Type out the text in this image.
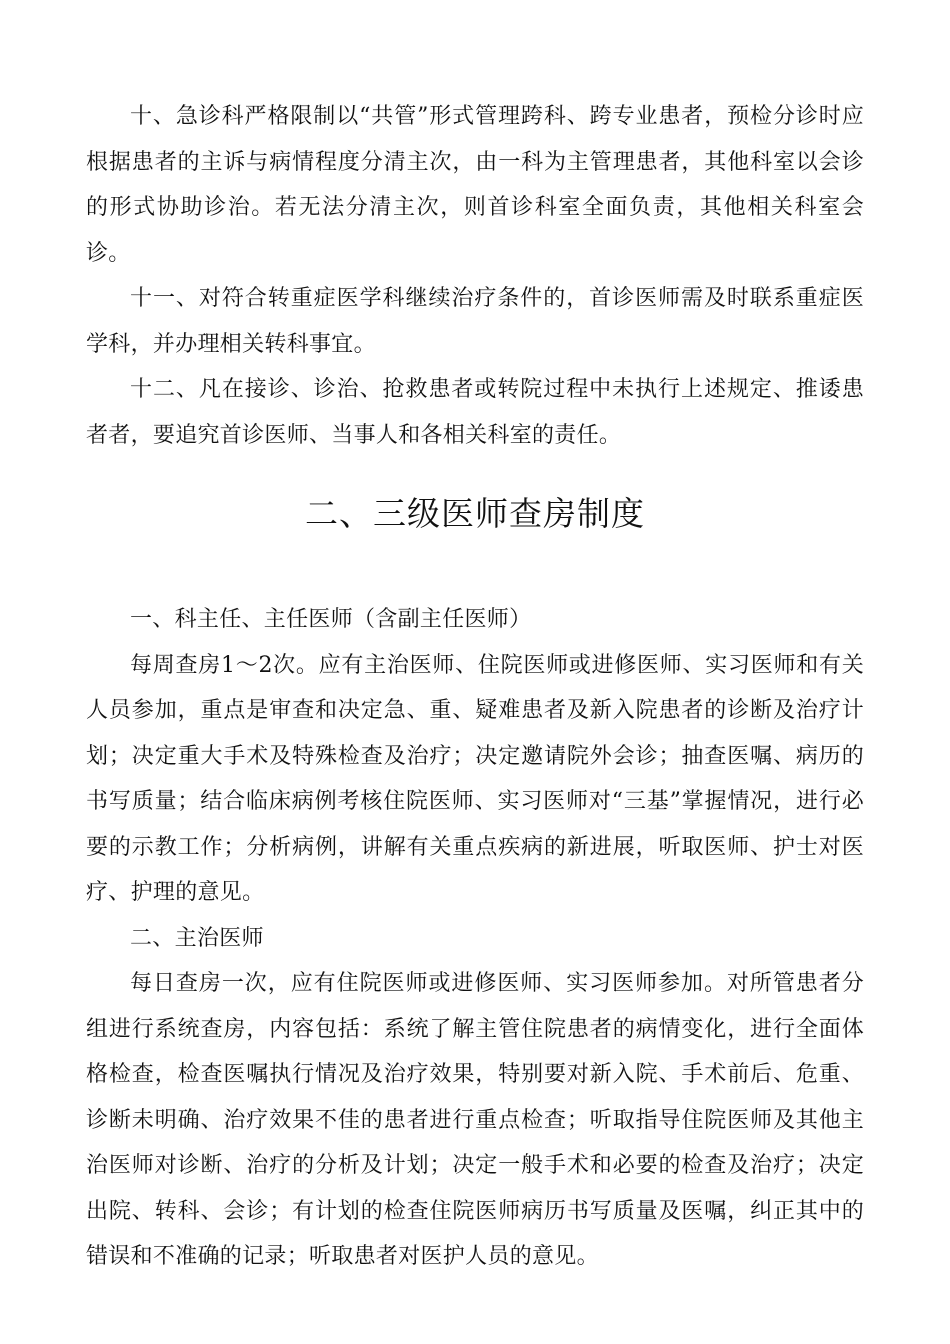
十、急诊科严格限制以“共管”形式管理跨科、跨专业患者，预检分诊时应根据患者的主诉与病情程度分清主次，由一科为主管理患者，其他科室以会诊的形式协助诊治。若无法分清主次，则首诊科室全面负责，其他相关科室会诊。

十一、对符合转重症医学科继续治疗条件的，首诊医师需及时联系重症医学科，并办理相关转科事宜。

十二、凡在接诊、诊治、抢救患者或转院过程中未执行上述规定、推诿患者者，要追究首诊医师、当事人和各相关科室的责任。

二、三级医师查房制度

一、科主任、主任医师（含副主任医师）

每周查房1～2次。应有主治医师、住院医师或进修医师、实习医师和有关人员参加，重点是审查和决定急、重、疑难患者及新入院患者的诊断及治疗计划；决定重大手术及特殊检查及治疗；决定邀请院外会诊；抽查医嘱、病历的书写质量；结合临床病例考核住院医师、实习医师对“三基”掌握情况，进行必要的示教工作；分析病例，讲解有关重点疾病的新进展，听取医师、护士对医疗、护理的意见。

二、主治医师

每日查房一次，应有住院医师或进修医师、实习医师参加。对所管患者分组进行系统查房，内容包括：系统了解主管住院患者的病情变化，进行全面体格检查，检查医嘱执行情况及治疗效果，特别要对新入院、手术前后、危重、诊断未明确、治疗效果不佳的患者进行重点检查；听取指导住院医师及其他主治医师对诊断、治疗的分析及计划；决定一般手术和必要的检查及治疗；决定出院、转科、会诊；有计划的检查住院医师病历书写质量及医嘱，纠正其中的错误和不准确的记录；听取患者对医护人员的意见。
